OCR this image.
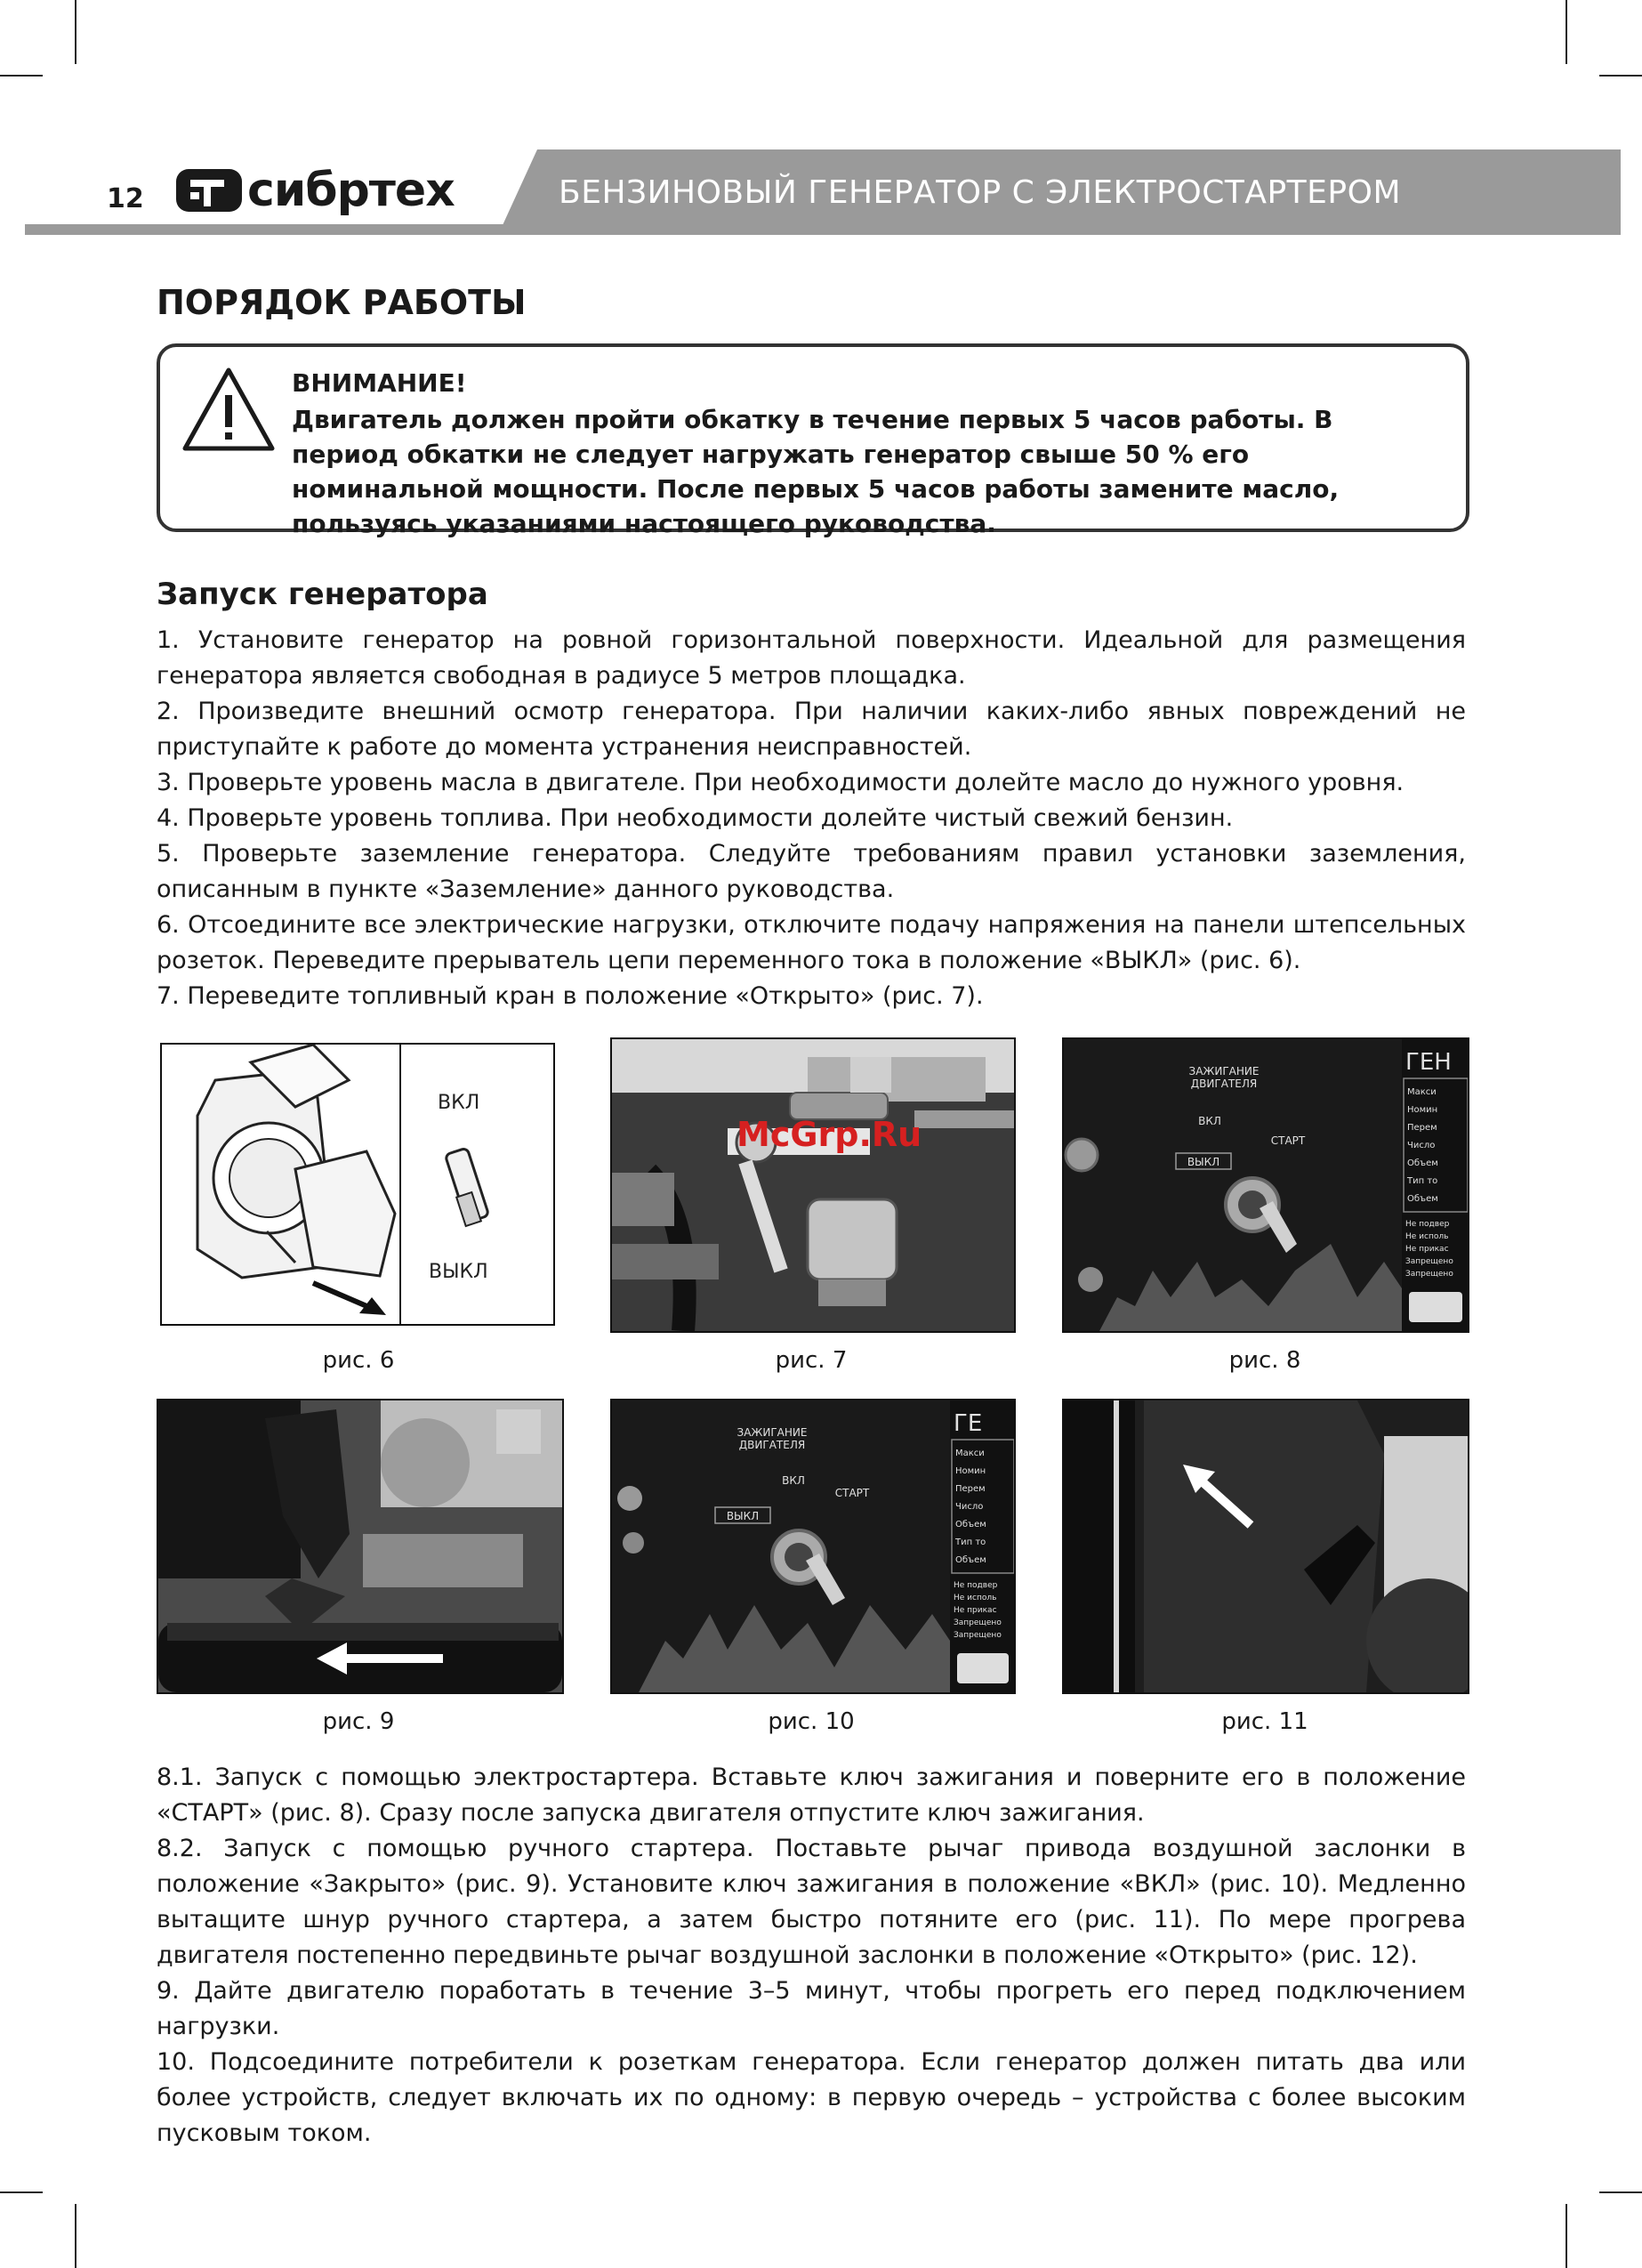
12 сибртех	БЕНЗИНОВЫЙ ГЕНЕРАТОР С ЭЛЕКТРОСТАРТЕРОМ
ПОРЯДОК РАБОТЫ
ВНИМАНИЕ!
Двигатель должен пройти обкатку в течение первых 5 часов работы. В период обкатки не следует нагружать генератор свыше 50 % его номинальной мощности. После первых 5 часов работы замените масло, пользуясь указаниями настоящего руководства.
Запуск генератора

1. Установите генератор на ровной горизонтальной поверхности. Идеальной для размещения генератора является свободная в радиусе 5 метров площадка.

2. Произведите внешний осмотр генератора. При наличии каких-либо явных повреждений не приступайте к работе до момента устранения неисправностей.

3. Проверьте уровень масла в двигателе. При необходимости долейте масло до нужного уровня.

4. Проверьте уровень топлива. При необходимости долейте чистый свежий бензин.

5. Проверьте заземление генератора. Следуйте требованиям правил установки заземления, описанным в пункте «Заземление» данного руководства.

6. Отсоедините все электрические нагрузки, отключите подачу напряжения на панели штепсельных розеток. Переведите прерыватель цепи переменного тока в положение «ВЫКЛ» (рис. 6).

7. Переведите топливный кран в положение «Открыто» (рис. 7).

ВКЛ
ВЫКЛ
рис. 6
McGrp.Ru
рис. 7
ЗАЖИГАНИЕ
ДВИГАТЕЛЯ
ВКЛ
ВЫКЛ
СТАРТ
ГЕН
Макси
Номин
Перем
Число
Объем
Тип то
Объем
Не подвер
Не исполь
Не прикас
Запрещено
Запрещено
рис. 8
рис. 9
ЗАЖИГАНИЕ
ДВИГАТЕЛЯ
ВКЛ
ВЫКЛ
СТАРТ
ГЕ
Макси
Номин
Перем
Число
Объем
Тип то
Объем
Не подвер
Не исполь
Не прикас
Запрещено
Запрещено
рис. 10	рис. 11

8.1. Запуск с помощью электростартера. Вставьте ключ зажигания и поверните его в положение «СТАРТ» (рис. 8). Сразу после запуска двигателя отпустите ключ зажигания.

8.2. Запуск с помощью ручного стартера. Поставьте рычаг привода воздушной заслонки в положение «Закрыто» (рис. 9). Установите ключ зажигания в положение «ВКЛ» (рис. 10). Медленно вытащите шнур ручного стартера, а затем быстро потяните его (рис. 11). По мере прогрева двигателя постепенно передвиньте рычаг воздушной заслонки в положение «Открыто» (рис. 12).

9. Дайте двигателю поработать в течение 3–5 минут, чтобы прогреть его перед подключением нагрузки.

10. Подсоедините потребители к розеткам генератора. Если генератор должен питать два или более устройств, следует включать их по одному: в первую очередь – устройства с более высоким пусковым током.
